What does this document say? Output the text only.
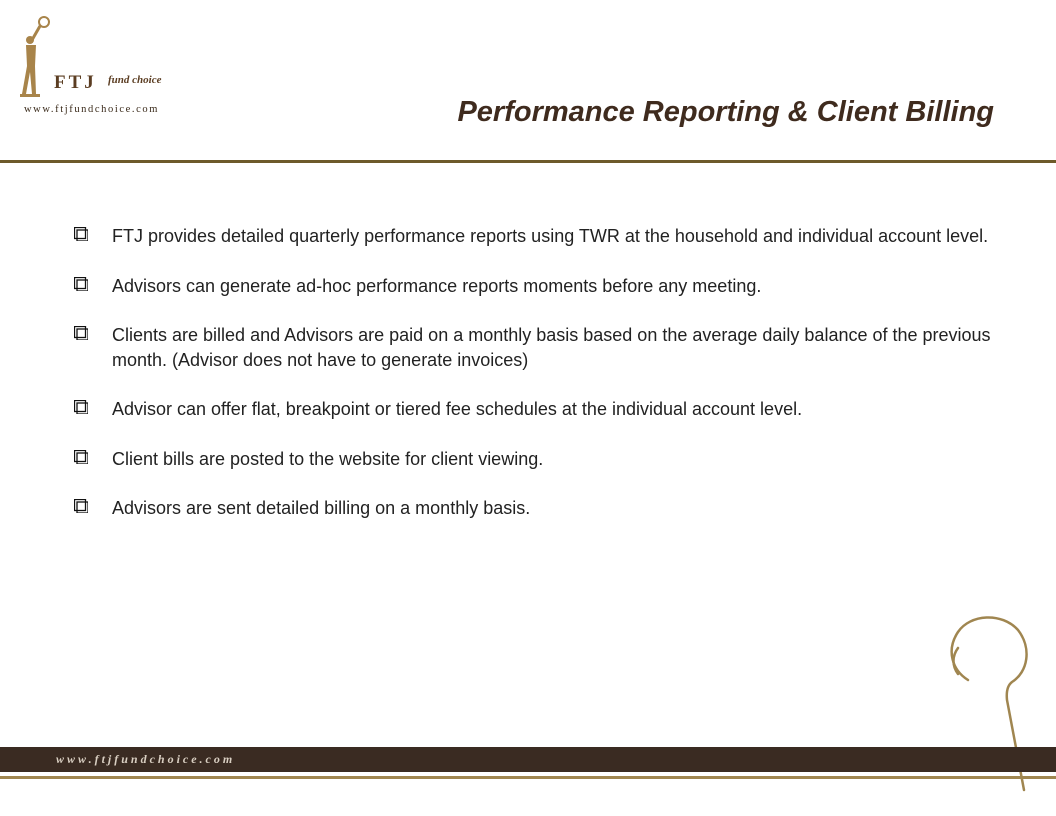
FTJ fund choice
www.ftjfundchoice.com	Performance Reporting & Client Billing
FTJ provides detailed quarterly performance reports using TWR at the household and individual account level.
Advisors can generate ad-hoc performance reports moments before any meeting.
Clients are billed and Advisors are paid on a monthly basis based on the average daily balance of the previous month. (Advisor does not have to generate invoices)
Advisor can offer flat, breakpoint or tiered fee schedules at the individual account level.
Client bills are posted to the website for client viewing.
Advisors are sent detailed billing on a monthly basis.
www.ftjfundchoice.com
